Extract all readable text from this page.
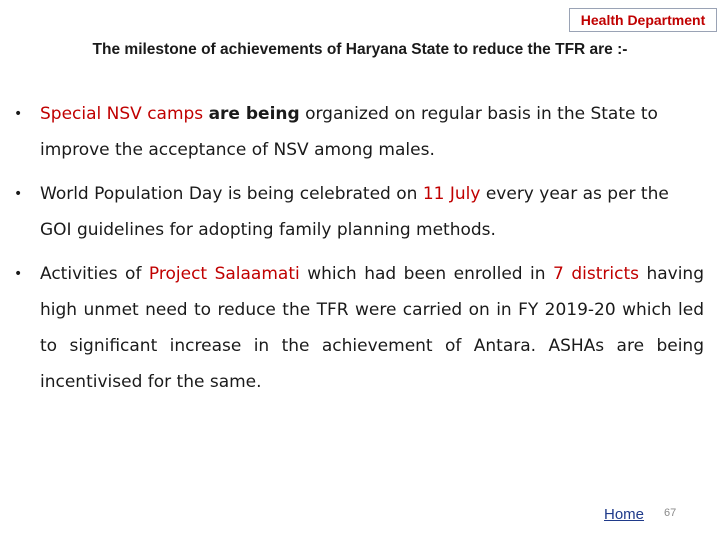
Health Department
The milestone of achievements of Haryana State to reduce the TFR are :-
• Special NSV camps are being organized on regular basis in the State to improve the acceptance of NSV among males.
• World Population Day is being celebrated on 11 July every year as per the GOI guidelines for adopting family planning methods.
• Activities of Project Salaamati which had been enrolled in 7 districts having high unmet need to reduce the TFR were carried on in FY 2019-20 which led to significant increase in the achievement of Antara. ASHAs are being incentivised for the same.
Home 67
